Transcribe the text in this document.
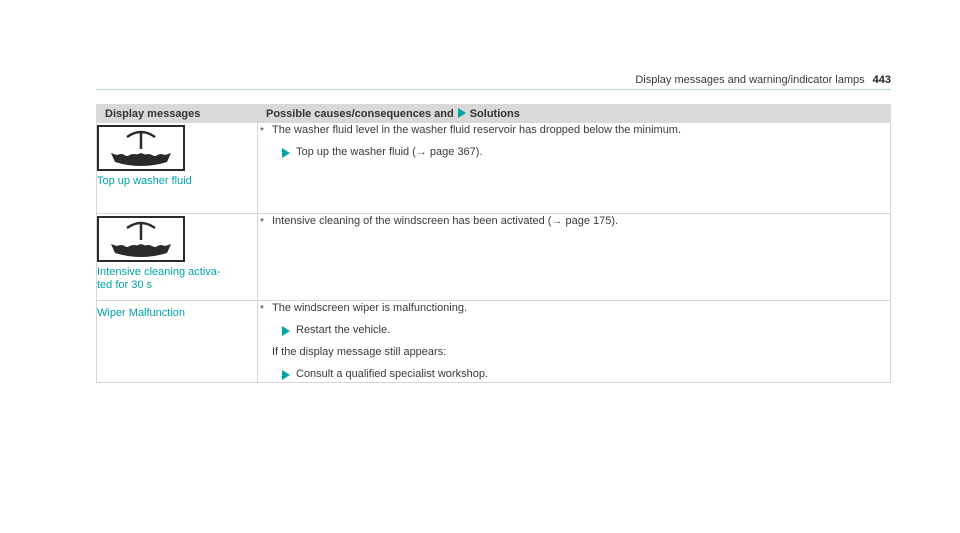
Display messages and warning/indicator lamps 443
Display messages	Possible causes/consequences and Solutions

Top up washer fluid	* The washer fluid level in the washer fluid reservoir has dropped below the minimum.
Top up the washer fluid (→ page 367).

Intensive cleaning activa-
ted for 30 s	* Intensive cleaning of the windscreen has been activated (→ page 175).

Wiper Malfunction	* The windscreen wiper is malfunctioning.
Restart the vehicle.
If the display message still appears:
Consult a qualified specialist workshop.
